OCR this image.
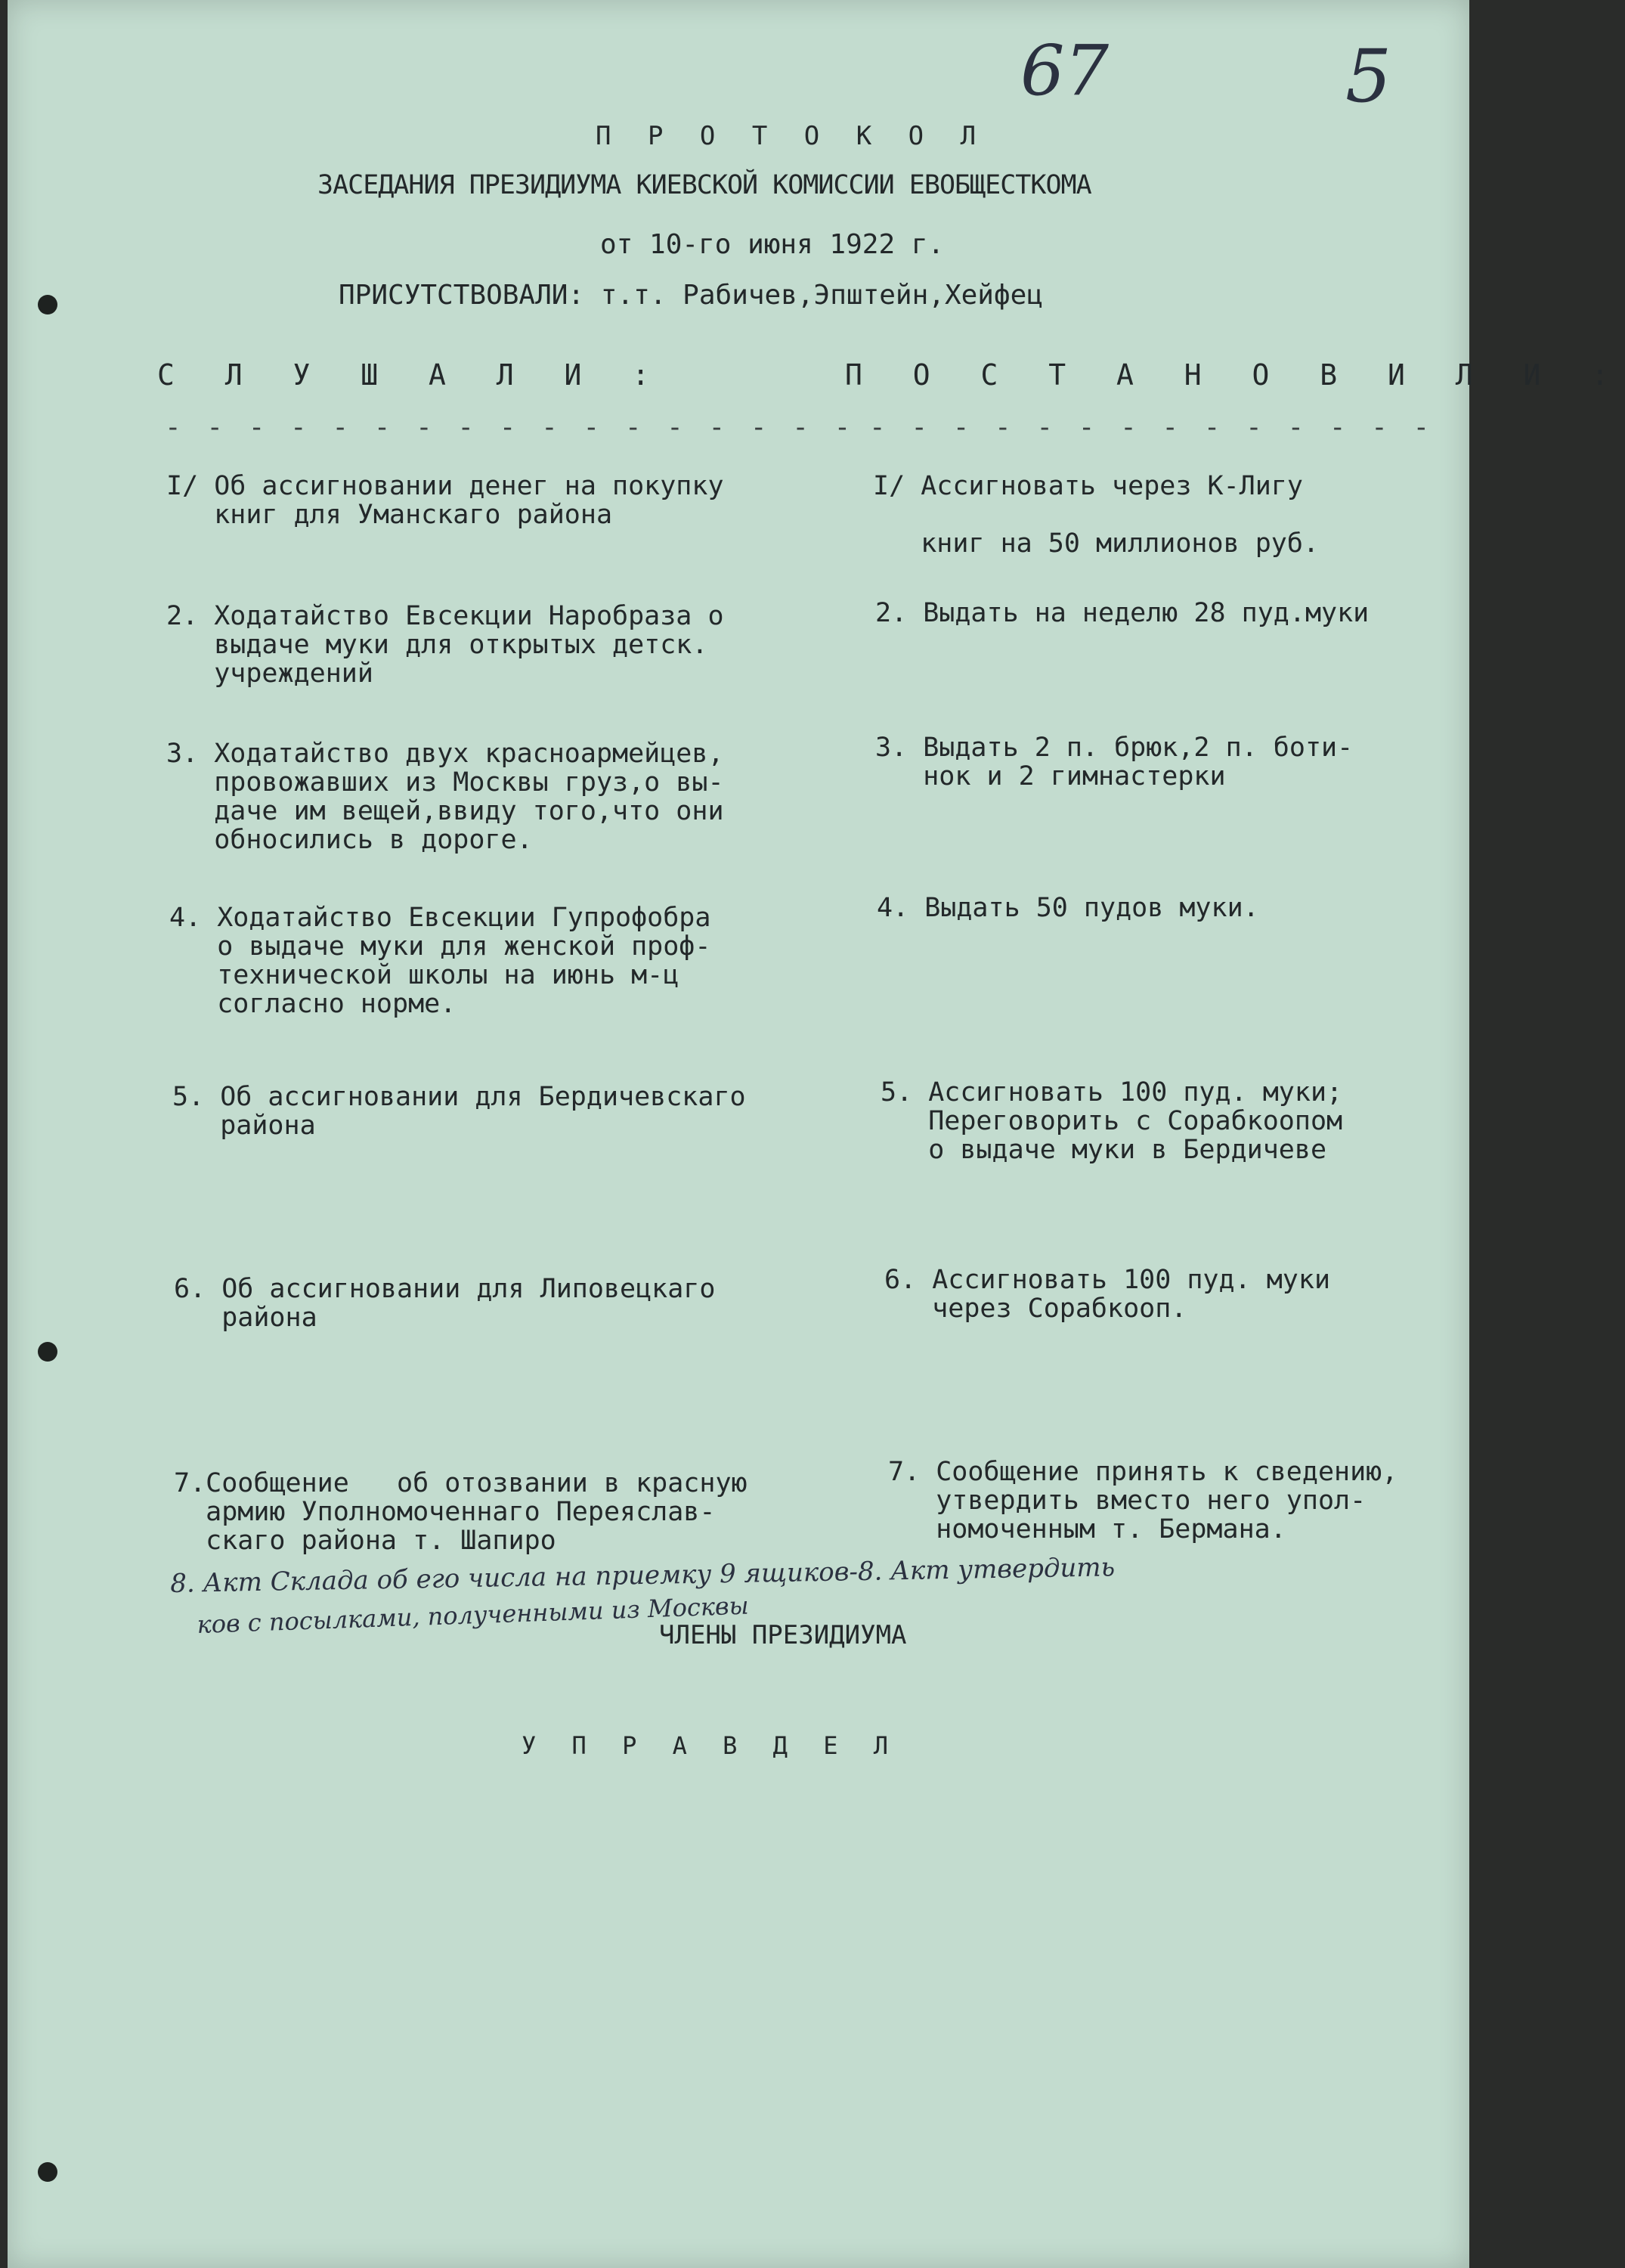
67	5
П Р О Т О К О Л
ЗАСЕДАНИЯ ПРЕЗИДИУМА КИЕВСКОЙ КОМИССИИ ЕВОБЩЕСТКОМА
от 10-го июня 1922 г.
ПРИСУТСТВОВАЛИ: т.т. Рабичев,Эпштейн,Хейфец
С Л У Ш А Л И :	П О С Т А Н О В И Л И :
- - - - - - - - - - - - - - - - - - - - - - - - - - - - - - -
I/ Об ассигновании денег на покупку
книг для Уманскаго района
I/ Ассигновать через К-Лигу

книг на 50 миллионов руб.
2. Ходатайство Евсекции Наробраза о
выдаче муки для открытых детск.
учреждений
2. Выдать на неделю 28 пуд.муки
3. Ходатайство двух красноармейцев,
провожавших из Москвы груз,о вы-
даче им вещей,ввиду того,что они
обносились в дороге.
3. Выдать 2 п. брюк,2 п. боти-
нок и 2 гимнастерки
4. Ходатайство Евсекции Гупрофобра
о выдаче муки для женской проф-
технической школы на июнь м-ц
согласно норме.
4. Выдать 50 пудов муки.
5. Об ассигновании для Бердичевскаго
района
5. Ассигновать 100 пуд. муки;
Переговорить с Сорабкоопом
о выдаче муки в Бердичеве
6. Об ассигновании для Липовецкаго
района
6. Ассигновать 100 пуд. муки
через Сорабкооп.
7.Сообщение   об отозвании в красную
армию Уполномоченнаго Переяслав-
скаго района т. Шапиро
7. Сообщение принять к сведению,
утвердить вместо него упол-
номоченным т. Бермана.
8. Акт Склада об его числа на приемку 9 ящиков-8. Акт утвердить
ков с посылками, полученными из Москвы
ЧЛЕНЫ ПРЕЗИДИУМА
У П Р А В Д Е Л
